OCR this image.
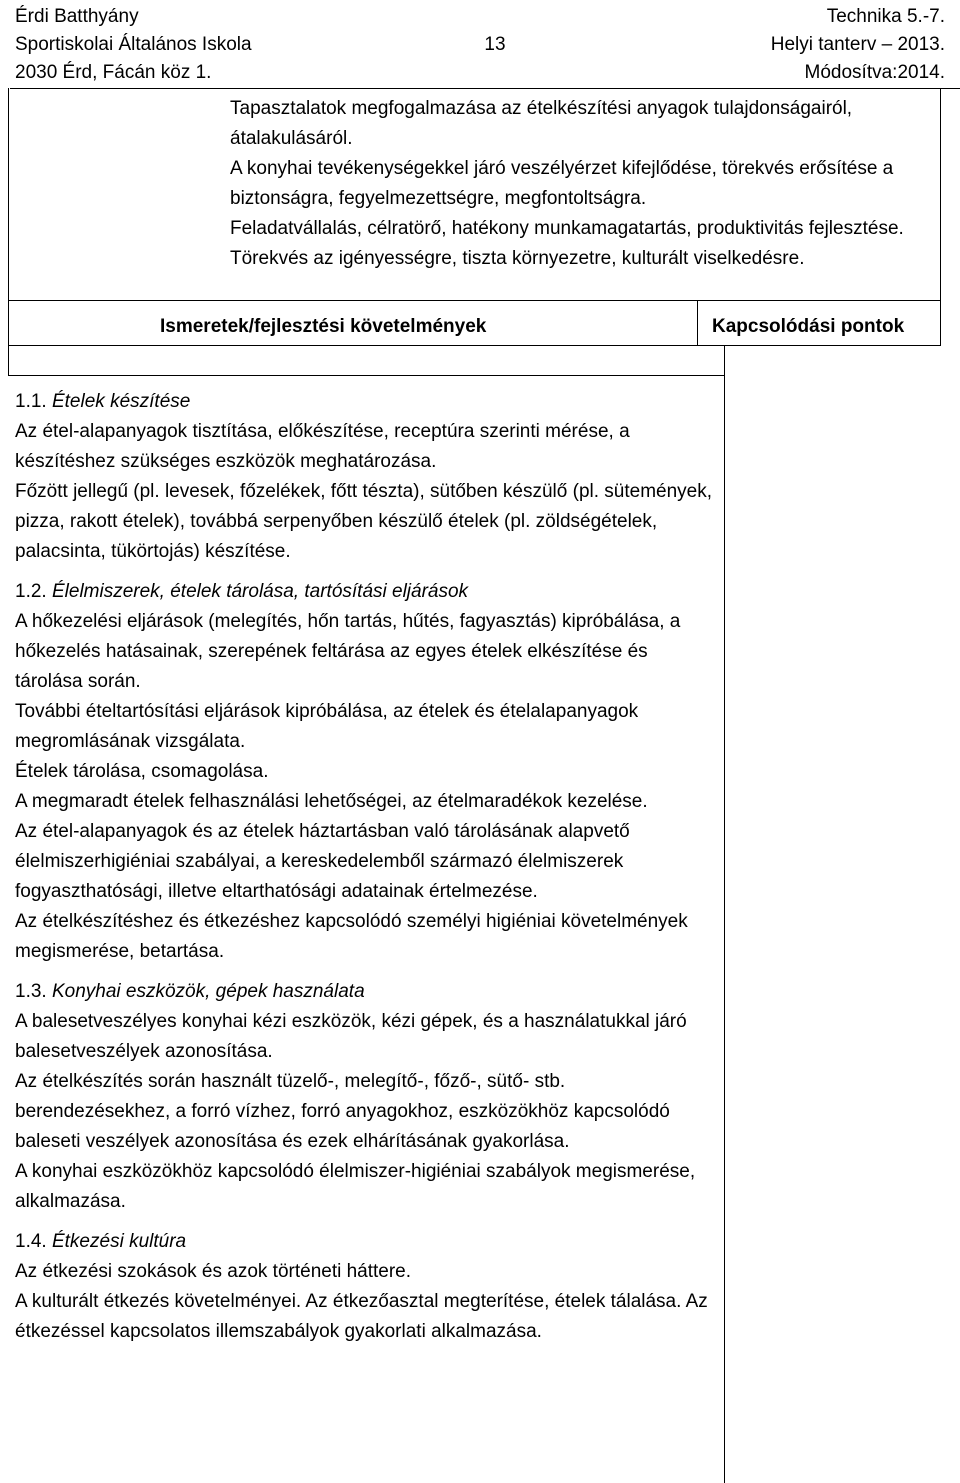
Érdi Batthyány
Sportiskolai Általános Iskola
2030 Érd, Fácán köz 1.
13
Technika 5.-7.
Helyi tanterv – 2013.
Módosítva:2014.

Tapasztalatok megfogalmazása az ételkészítési anyagok tulajdonságairól, átalakulásáról.

A konyhai tevékenységekkel járó veszélyérzet kifejlődése, törekvés erősítése a biztonságra, fegyelmezettségre, megfontoltságra.

Feladatvállalás, célratörő, hatékony munkamagatartás, produktivitás fejlesztése.

Törekvés az igényességre, tiszta környezetre, kulturált viselkedésre.

Ismeretek/fejlesztési követelmények	Kapcsolódási pontok

1.1. Ételek készítése

Az étel-alapanyagok tisztítása, előkészítése, receptúra szerinti mérése, a készítéshez szükséges eszközök meghatározása.

Főzött jellegű (pl. levesek, főzelékek, főtt tészta), sütőben készülő (pl. sütemények, pizza, rakott ételek), továbbá serpenyőben készülő ételek (pl. zöldségételek, palacsinta, tükörtojás) készítése.

1.2. Élelmiszerek, ételek tárolása, tartósítási eljárások

A hőkezelési eljárások (melegítés, hőn tartás, hűtés, fagyasztás) kipróbálása, a hőkezelés hatásainak, szerepének feltárása az egyes ételek elkészítése és tárolása során.

További ételtartósítási eljárások kipróbálása, az ételek és ételalapanyagok megromlásának vizsgálata.

Ételek tárolása, csomagolása.

A megmaradt ételek felhasználási lehetőségei, az ételmaradékok kezelése.

Az étel-alapanyagok és az ételek háztartásban való tárolásának alapvető élelmiszerhigiéniai szabályai, a kereskedelemből származó élelmiszerek fogyaszthatósági, illetve eltarthatósági adatainak értelmezése.

Az ételkészítéshez és étkezéshez kapcsolódó személyi higiéniai követelmények megismerése, betartása.

1.3. Konyhai eszközök, gépek használata

A balesetveszélyes konyhai kézi eszközök, kézi gépek, és a használatukkal járó balesetveszélyek azonosítása.

Az ételkészítés során használt tüzelő-, melegítő-, főző-, sütő- stb. berendezésekhez, a forró vízhez, forró anyagokhoz, eszközökhöz kapcsolódó baleseti veszélyek azonosítása és ezek elhárításának gyakorlása.

A konyhai eszközökhöz kapcsolódó élelmiszer-higiéniai szabályok megismerése, alkalmazása.

1.4. Étkezési kultúra

Az étkezési szokások és azok történeti háttere.

A kulturált étkezés követelményei. Az étkezőasztal megterítése, ételek tálalása. Az étkezéssel kapcsolatos illemszabályok gyakorlati alkalmazása.
